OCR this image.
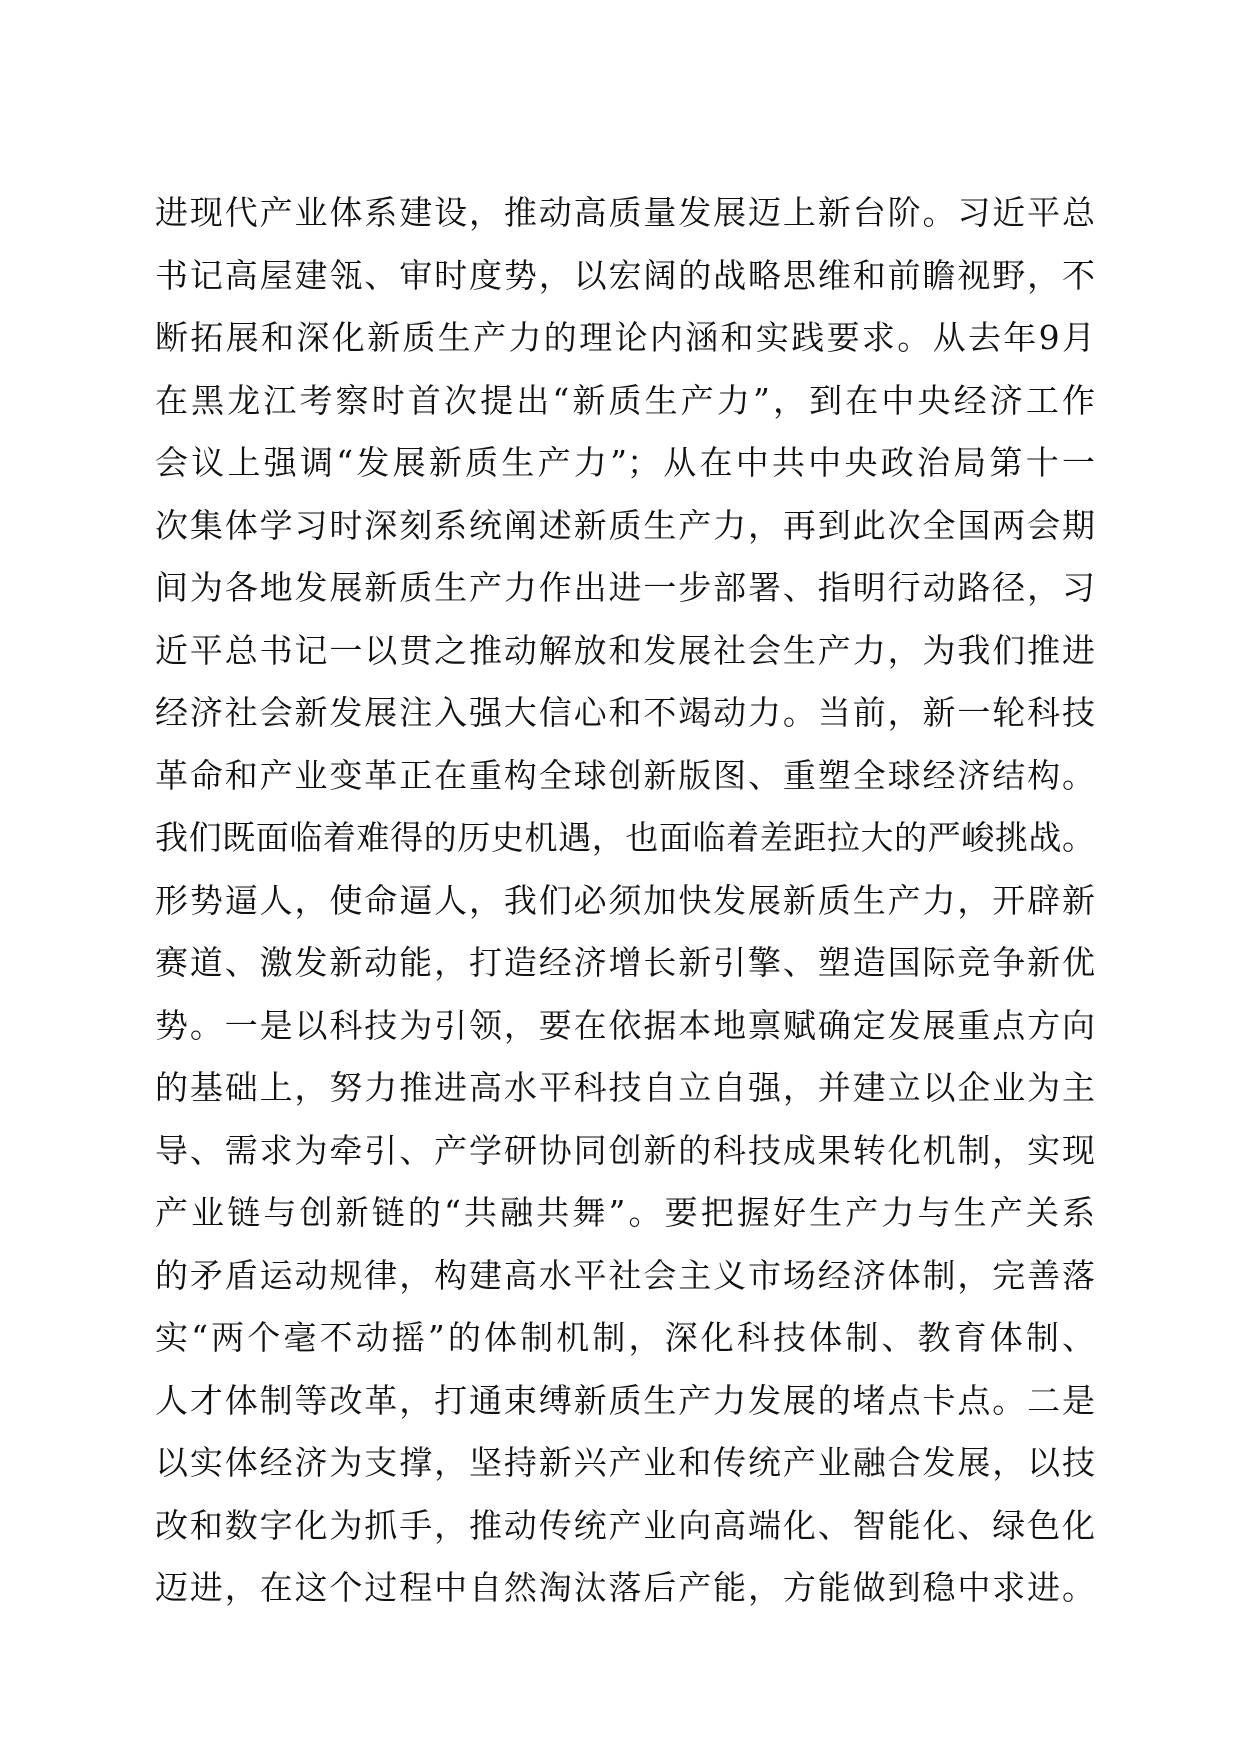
进现代产业体系建设，推动高质量发展迈上新台阶。习近平总
书记高屋建瓴、审时度势，以宏阔的战略思维和前瞻视野，不
断拓展和深化新质生产力的理论内涵和实践要求。从去年9月
在黑龙江考察时首次提出“新质生产力”，到在中央经济工作
会议上强调“发展新质生产力”；从在中共中央政治局第十一
次集体学习时深刻系统阐述新质生产力，再到此次全国两会期
间为各地发展新质生产力作出进一步部署、指明行动路径，习
近平总书记一以贯之推动解放和发展社会生产力，为我们推进
经济社会新发展注入强大信心和不竭动力。当前，新一轮科技
革命和产业变革正在重构全球创新版图、重塑全球经济结构。
我们既面临着难得的历史机遇，也面临着差距拉大的严峻挑战。
形势逼人，使命逼人，我们必须加快发展新质生产力，开辟新
赛道、激发新动能，打造经济增长新引擎、塑造国际竞争新优
势。一是以科技为引领，要在依据本地禀赋确定发展重点方向
的基础上，努力推进高水平科技自立自强，并建立以企业为主
导、需求为牵引、产学研协同创新的科技成果转化机制，实现
产业链与创新链的“共融共舞”。要把握好生产力与生产关系
的矛盾运动规律，构建高水平社会主义市场经济体制，完善落
实“两个毫不动摇”的体制机制，深化科技体制、教育体制、
人才体制等改革，打通束缚新质生产力发展的堵点卡点。二是
以实体经济为支撑，坚持新兴产业和传统产业融合发展，以技
改和数字化为抓手，推动传统产业向高端化、智能化、绿色化
迈进，在这个过程中自然淘汰落后产能，方能做到稳中求进。
